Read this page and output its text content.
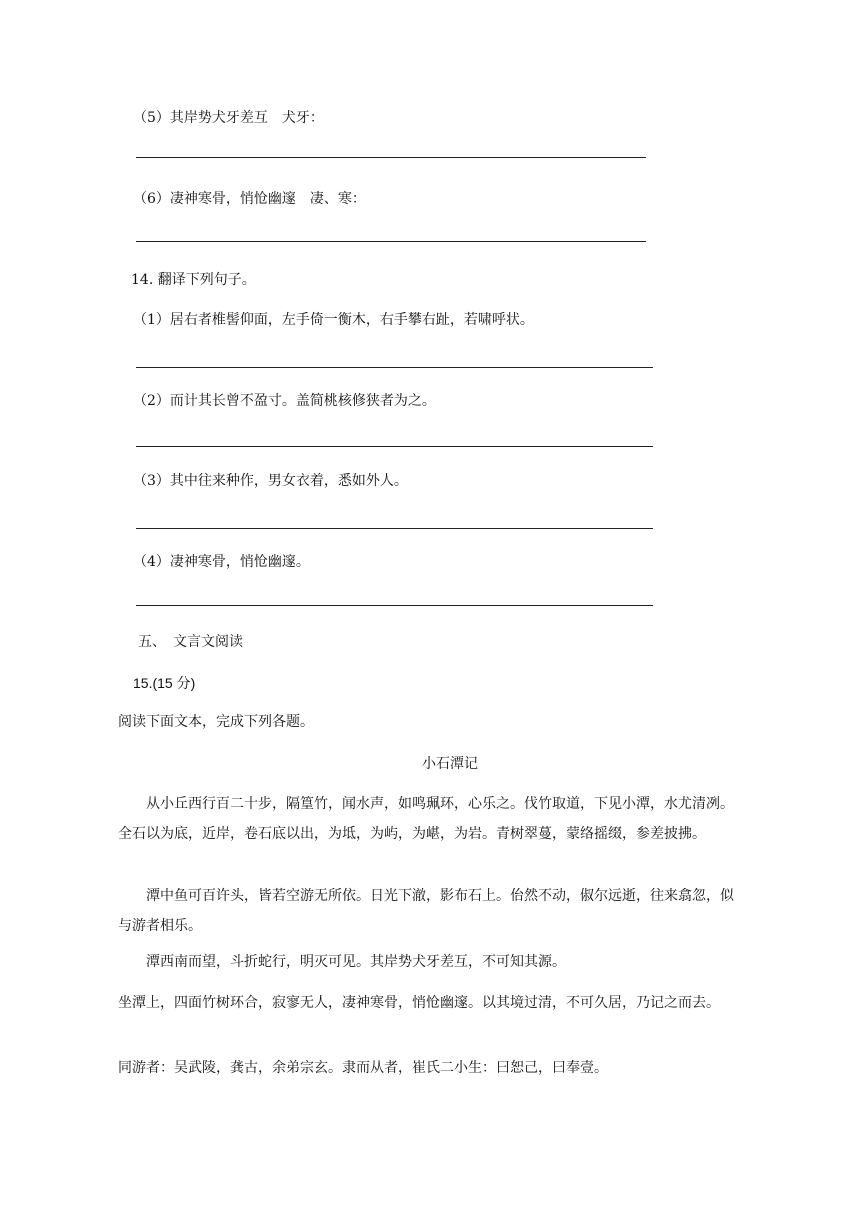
（5）其岸势犬牙差互　犬牙：
（6）凄神寒骨，悄怆幽邃　凄、寒：
14. 翻译下列句子。
（1）居右者椎髻仰面，左手倚一衡木，右手攀右趾，若啸呼状。
（2）而计其长曾不盈寸。盖简桃核修狭者为之。
（3）其中往来种作，男女衣着，悉如外人。
（4）凄神寒骨，悄怆幽邃。
五、　文言文阅读
15.(15 分)
阅读下面文本，完成下列各题。
小石潭记
从小丘西行百二十步，隔篁竹，闻水声，如鸣珮环，心乐之。伐竹取道，下见小潭，水尤清冽。全石以为底，近岸，卷石底以出，为坻，为屿，为嵁，为岩。青树翠蔓，蒙络摇缀，参差披拂。
潭中鱼可百许头，皆若空游无所依。日光下澈，影布石上。佁然不动，俶尔远逝，往来翕忽，似与游者相乐。
潭西南而望，斗折蛇行，明灭可见。其岸势犬牙差互，不可知其源。
坐潭上，四面竹树环合，寂寥无人，凄神寒骨，悄怆幽邃。以其境过清，不可久居，乃记之而去。
同游者：吴武陵，龚古，余弟宗玄。隶而从者，崔氏二小生：曰恕己，曰奉壹。
